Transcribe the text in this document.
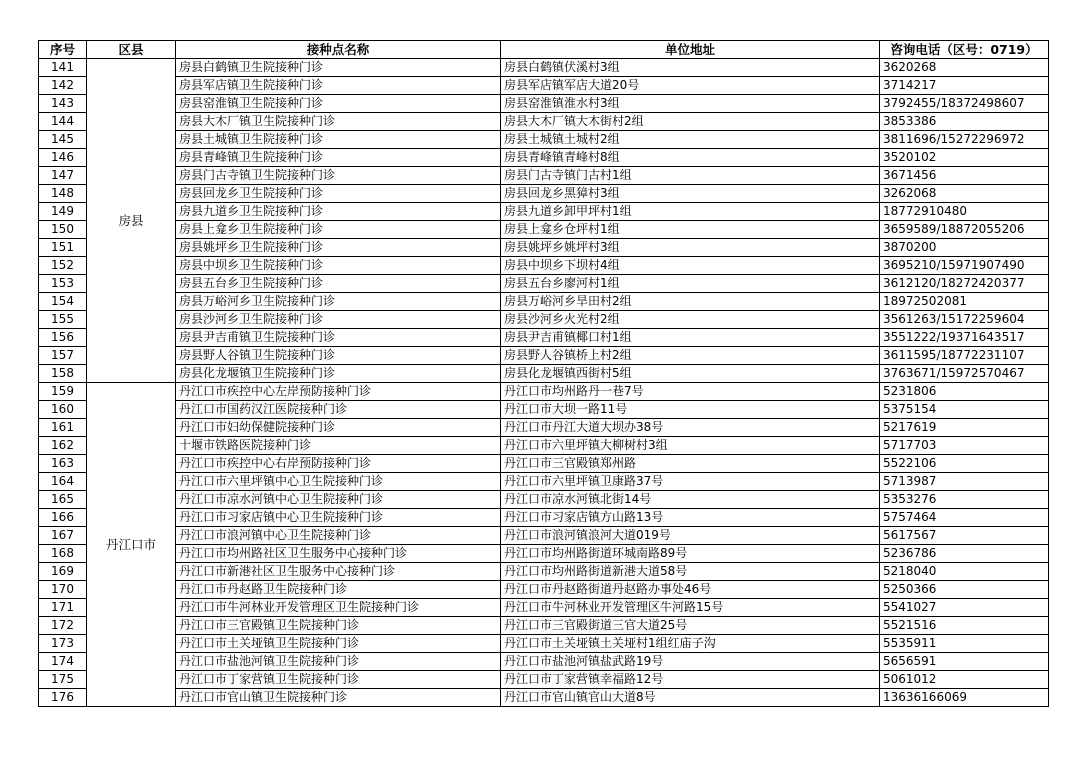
序号	区县	接种点名称	单位地址	咨询电话（区号：0719）
141	房县	房县白鹤镇卫生院接种门诊	房县白鹤镇伏溪村3组	3620268
142		房县军店镇卫生院接种门诊	房县军店镇军店大道20号	3714217
143		房县窑淮镇卫生院接种门诊	房县窑淮镇淮水村3组	3792455/18372498607
144		房县大木厂镇卫生院接种门诊	房县大木厂镇大木街村2组	3853386
145		房县土城镇卫生院接种门诊	房县土城镇土城村2组	3811696/15272296972
146		房县青峰镇卫生院接种门诊	房县青峰镇青峰村8组	3520102
147		房县门古寺镇卫生院接种门诊	房县门古寺镇门古村1组	3671456
148		房县回龙乡卫生院接种门诊	房县回龙乡黑獐村3组	3262068
149		房县九道乡卫生院接种门诊	房县九道乡卸甲坪村1组	18772910480
150		房县上龛乡卫生院接种门诊	房县上龛乡仓坪村1组	3659589/18872055206
151		房县姚坪乡卫生院接种门诊	房县姚坪乡姚坪村3组	3870200
152		房县中坝乡卫生院接种门诊	房县中坝乡下坝村4组	3695210/15971907490
153		房县五台乡卫生院接种门诊	房县五台乡廖河村1组	3612120/18272420377
154		房县万峪河乡卫生院接种门诊	房县万峪河乡旱田村2组	18972502081
155		房县沙河乡卫生院接种门诊	房县沙河乡火光村2组	3561263/15172259604
156		房县尹吉甫镇卫生院接种门诊	房县尹吉甫镇椰口村1组	3551222/19371643517
157		房县野人谷镇卫生院接种门诊	房县野人谷镇桥上村2组	3611595/18772231107
158		房县化龙堰镇卫生院接种门诊	房县化龙堰镇西街村5组	3763671/15972570467
159	丹江口市	丹江口市疾控中心左岸预防接种门诊	丹江口市均州路丹一巷7号	5231806
160		丹江口市国药汉江医院接种门诊	丹江口市大坝一路11号	5375154
161		丹江口市妇幼保健院接种门诊	丹江口市丹江大道大坝办38号	5217619
162		十堰市铁路医院接种门诊	丹江口市六里坪镇大柳树村3组	5717703
163		丹江口市疾控中心右岸预防接种门诊	丹江口市三官殿镇郑州路	5522106
164		丹江口市六里坪镇中心卫生院接种门诊	丹江口市六里坪镇卫康路37号	5713987
165		丹江口市凉水河镇中心卫生院接种门诊	丹江口市凉水河镇北街14号	5353276
166		丹江口市习家店镇中心卫生院接种门诊	丹江口市习家店镇方山路13号	5757464
167		丹江口市浪河镇中心卫生院接种门诊	丹江口市浪河镇浪河大道019号	5617567
168		丹江口市均州路社区卫生服务中心接种门诊	丹江口市均州路街道环城南路89号	5236786
169		丹江口市新港社区卫生服务中心接种门诊	丹江口市均州路街道新港大道58号	5218040
170		丹江口市丹赵路卫生院接种门诊	丹江口市丹赵路街道丹赵路办事处46号	5250366
171		丹江口市牛河林业开发管理区卫生院接种门诊	丹江口市牛河林业开发管理区牛河路15号	5541027
172		丹江口市三官殿镇卫生院接种门诊	丹江口市三官殿街道三官大道25号	5521516
173		丹江口市土关垭镇卫生院接种门诊	丹江口市土关垭镇土关垭村1组红庙子沟	5535911
174		丹江口市盐池河镇卫生院接种门诊	丹江口市盐池河镇盐武路19号	5656591
175		丹江口市丁家营镇卫生院接种门诊	丹江口市丁家营镇幸福路12号	5061012
176		丹江口市官山镇卫生院接种门诊	丹江口市官山镇官山大道8号	13636166069
